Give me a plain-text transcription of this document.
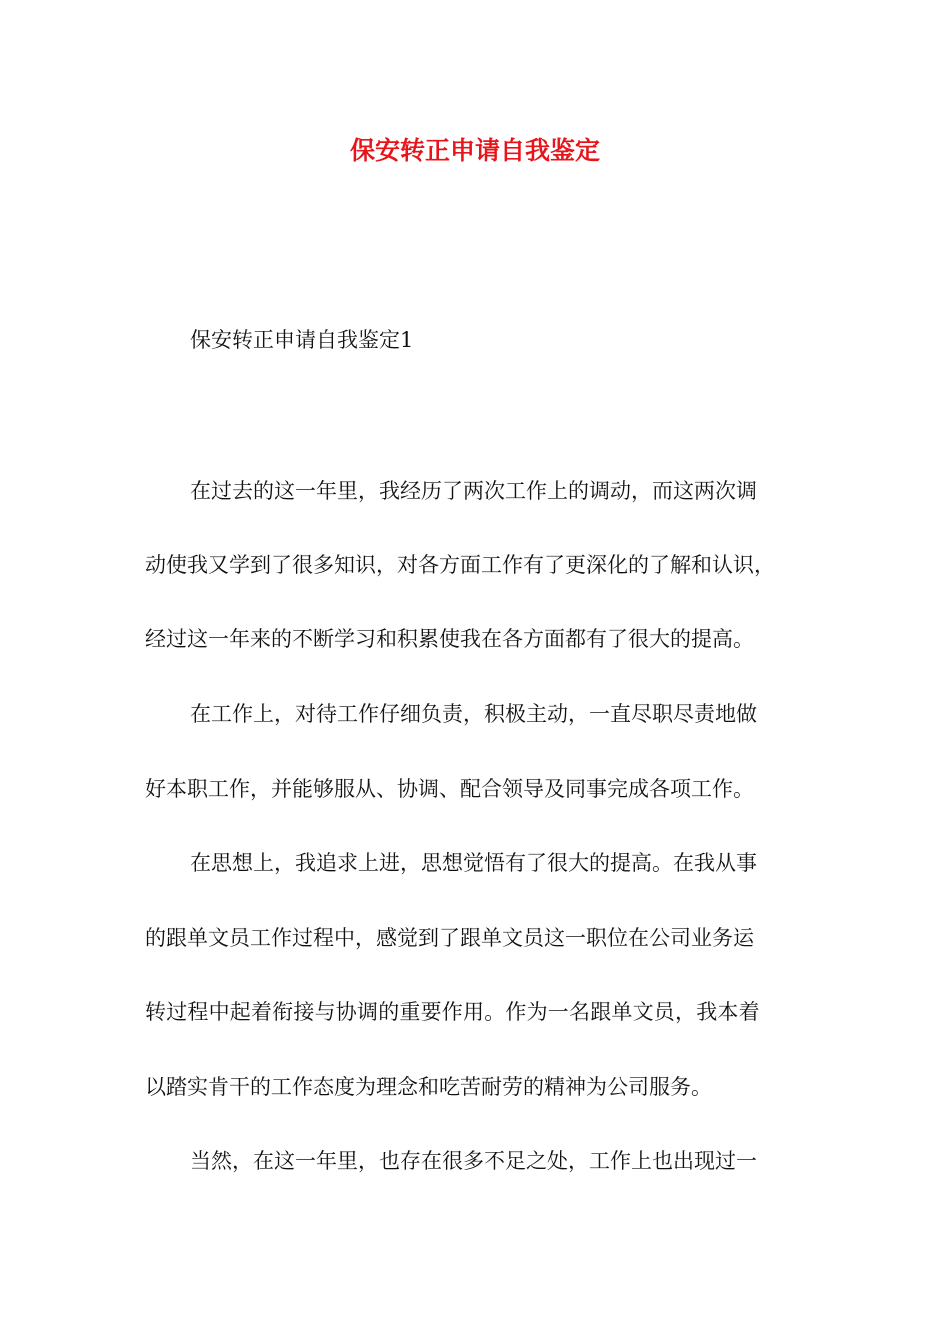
保安转正申请自我鉴定
保安转正申请自我鉴定1
在过去的这一年里，我经历了两次工作上的调动，而这两次调
动使我又学到了很多知识，对各方面工作有了更深化的了解和认识，
经过这一年来的不断学习和积累使我在各方面都有了很大的提高。
在工作上，对待工作仔细负责，积极主动，一直尽职尽责地做
好本职工作，并能够服从、协调、配合领导及同事完成各项工作。
在思想上，我追求上进，思想觉悟有了很大的提高。在我从事
的跟单文员工作过程中，感觉到了跟单文员这一职位在公司业务运
转过程中起着衔接与协调的重要作用。作为一名跟单文员，我本着
以踏实肯干的工作态度为理念和吃苦耐劳的精神为公司服务。
当然，在这一年里，也存在很多不足之处，工作上也出现过一
